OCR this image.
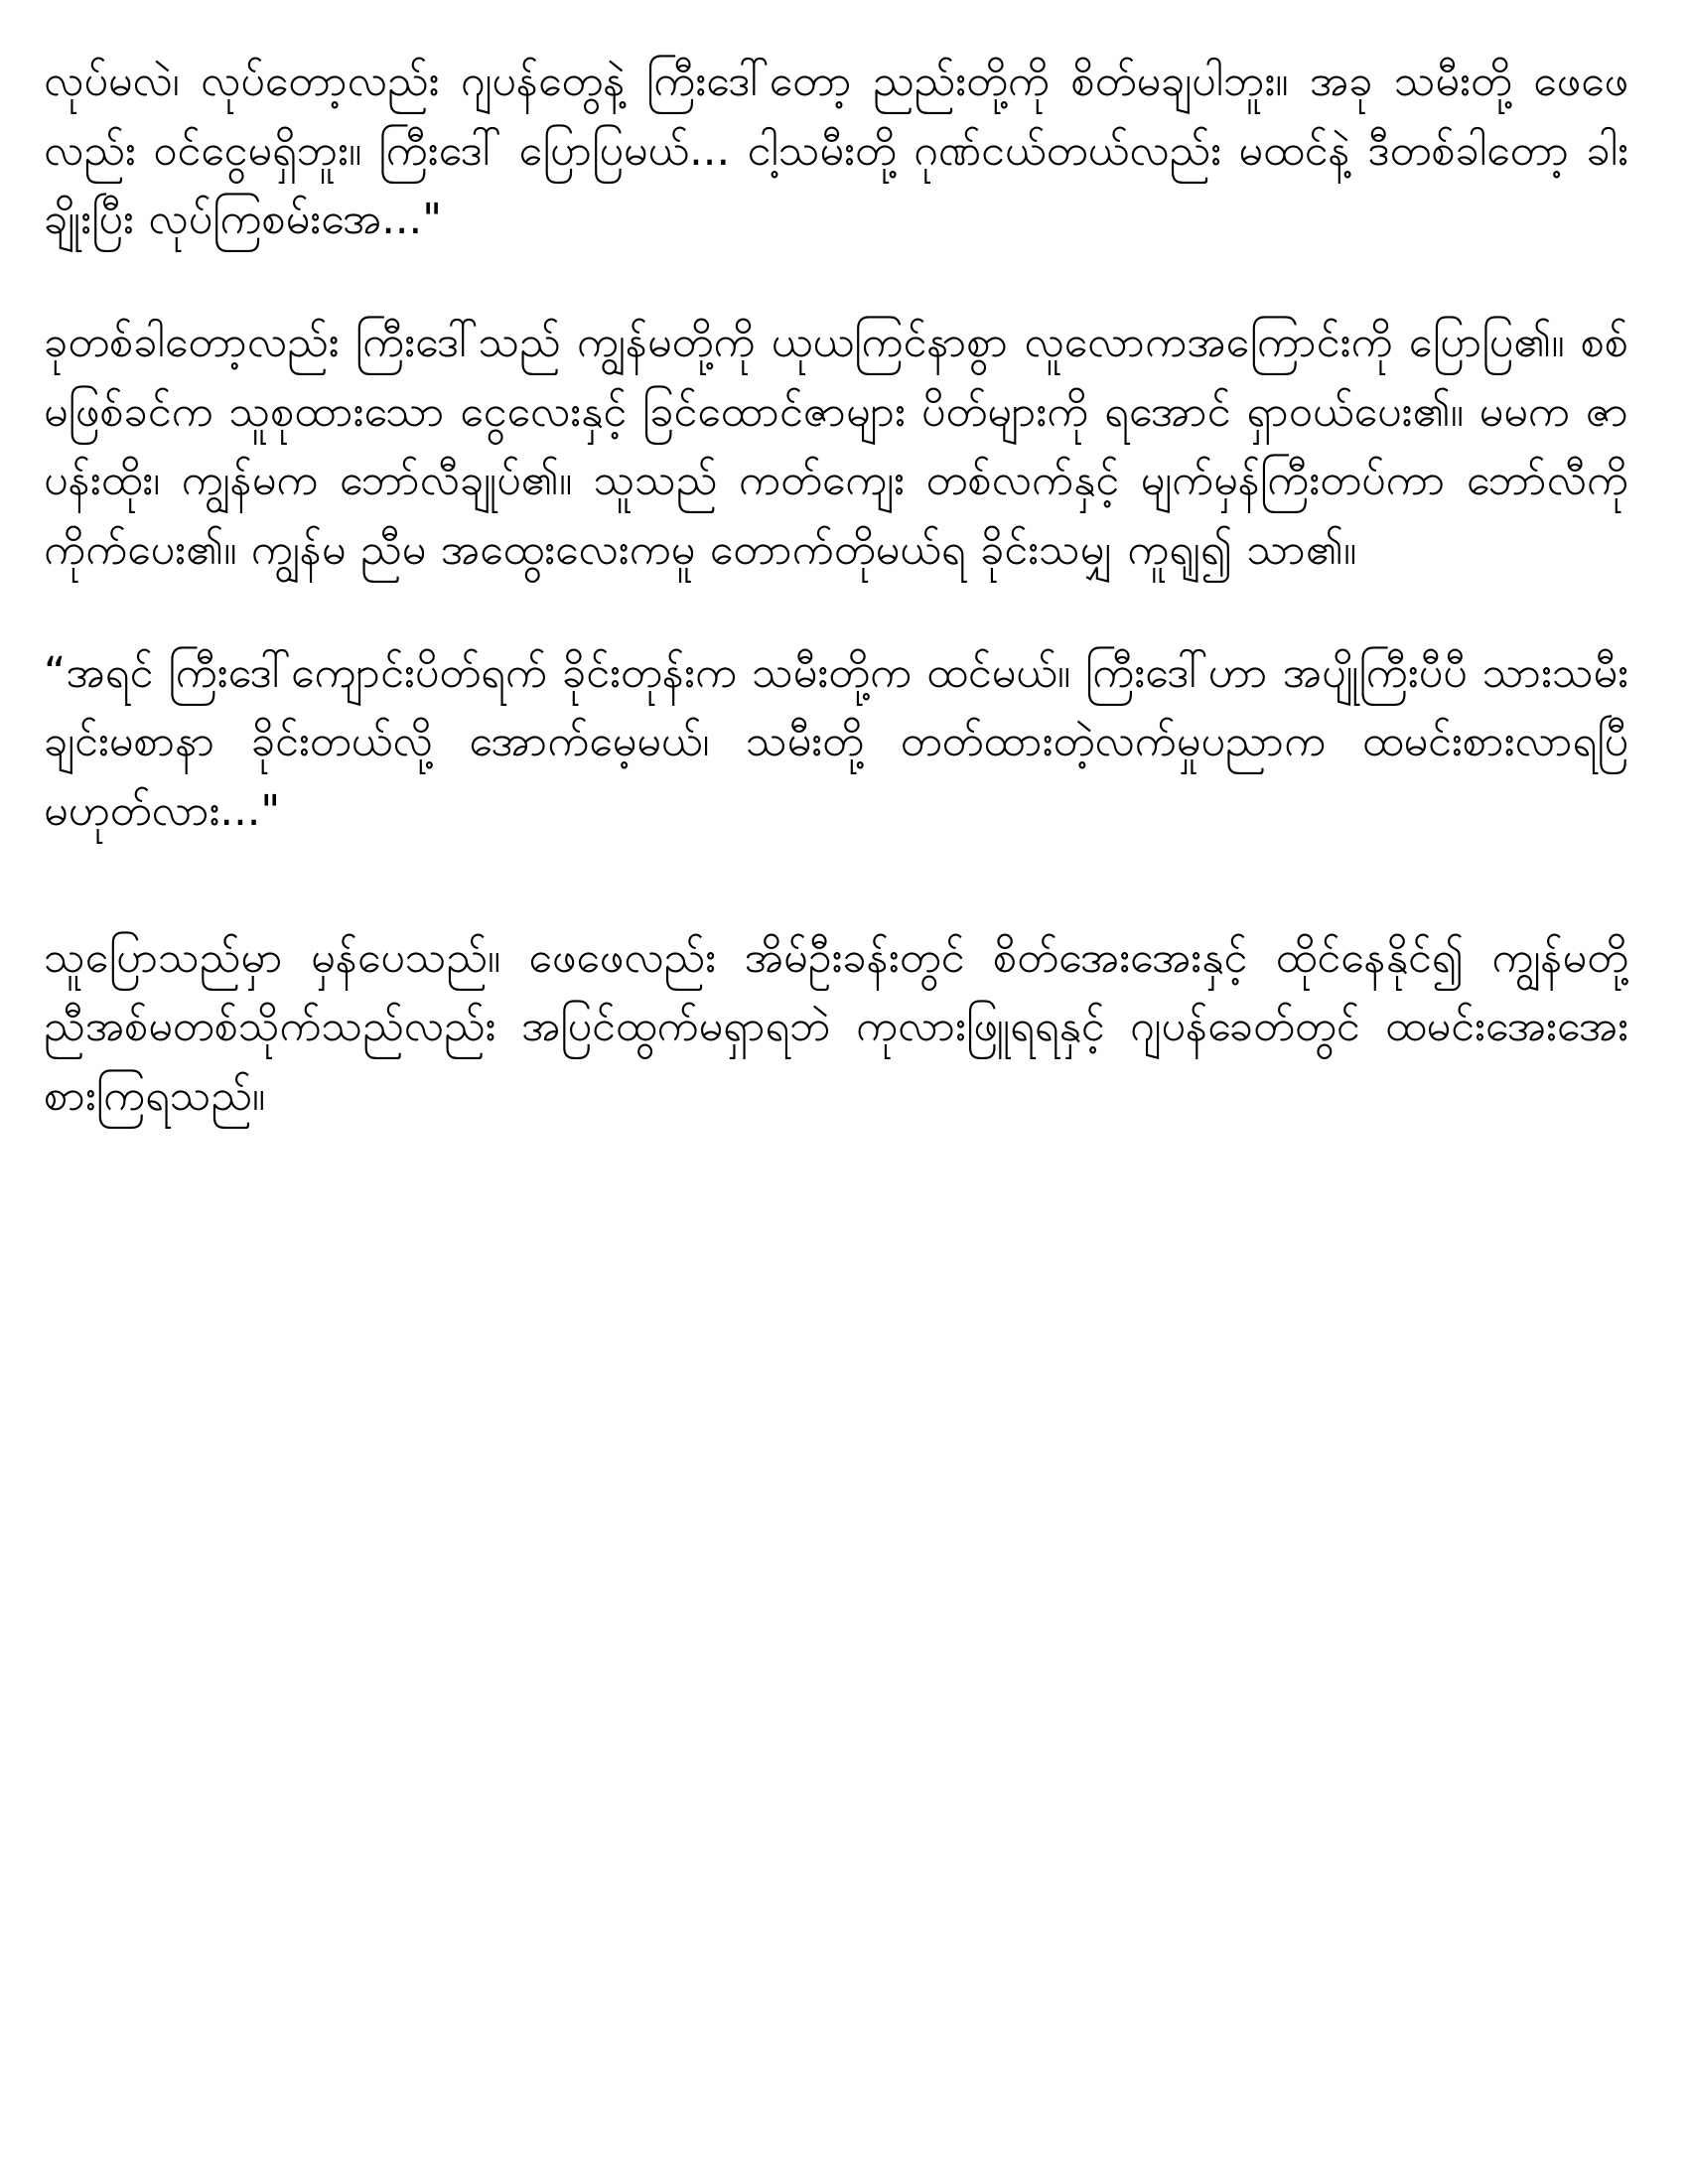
လုပ်မလဲ၊ လုပ်တော့လည်း ဂျပန်တွေနဲ့ ကြီးဒေါ်တော့ ညည်းတို့ကို စိတ်မချပါဘူး။ အခု သမီးတို့ ဖေဖေလည်း ဝင်ငွေမရှိဘူး။ ကြီးဒေါ် ပြောပြမယ်... ငါ့သမီးတို့ ဂုဏ်ငယ်တယ်လည်း မထင်နဲ့ ဒီတစ်ခါတော့ ခါးချိုးပြီး လုပ်ကြစမ်းအေ..."

ခုတစ်ခါတော့လည်း ကြီးဒေါ်သည် ကျွန်မတို့ကို ယုယကြင်နာစွာ လူလောကအကြောင်းကို ပြောပြ၏။ စစ်မဖြစ်ခင်က သူစုထားသော ငွေလေးနှင့် ခြင်ထောင်ဇာများ ပိတ်များကို ရအောင် ရှာဝယ်ပေး၏။ မမက ဇာပန်းထိုး၊ ကျွန်မက ဘော်လီချုပ်၏။ သူသည် ကတ်ကျေး တစ်လက်နှင့် မျက်မှန်ကြီးတပ်ကာ ဘော်လီကို ကိုက်ပေး၏။ ကျွန်မ ညီမ အထွေးလေးကမူ တောက်တိုမယ်ရ ခိုင်းသမျှ ကူရျ၍ သာ၏။

“အရင် ကြီးဒေါ်ကျောင်းပိတ်ရက် ခိုင်းတုန်းက သမီးတို့က ထင်မယ်။ ကြီးဒေါ်ဟာ အပျိုကြီးပီပီ သားသမီးချင်းမစာနာ ခိုင်းတယ်လို့ အောက်မေ့မယ်၊ သမီးတို့ တတ်ထားတဲ့လက်မှုပညာက ထမင်းစားလာရပြီ မဟုတ်လား..."

သူပြောသည်မှာ မှန်ပေသည်။ ဖေဖေလည်း အိမ်ဦးခန်းတွင် စိတ်အေးအေးနှင့် ထိုင်နေနိုင်၍ ကျွန်မတို့ ညီအစ်မတစ်သိုက်သည်လည်း အပြင်ထွက်မရှာရဘဲ ကုလားဖြူရရနှင့် ဂျပန်ခေတ်တွင် ထမင်းအေးအေး စားကြရသည်။
